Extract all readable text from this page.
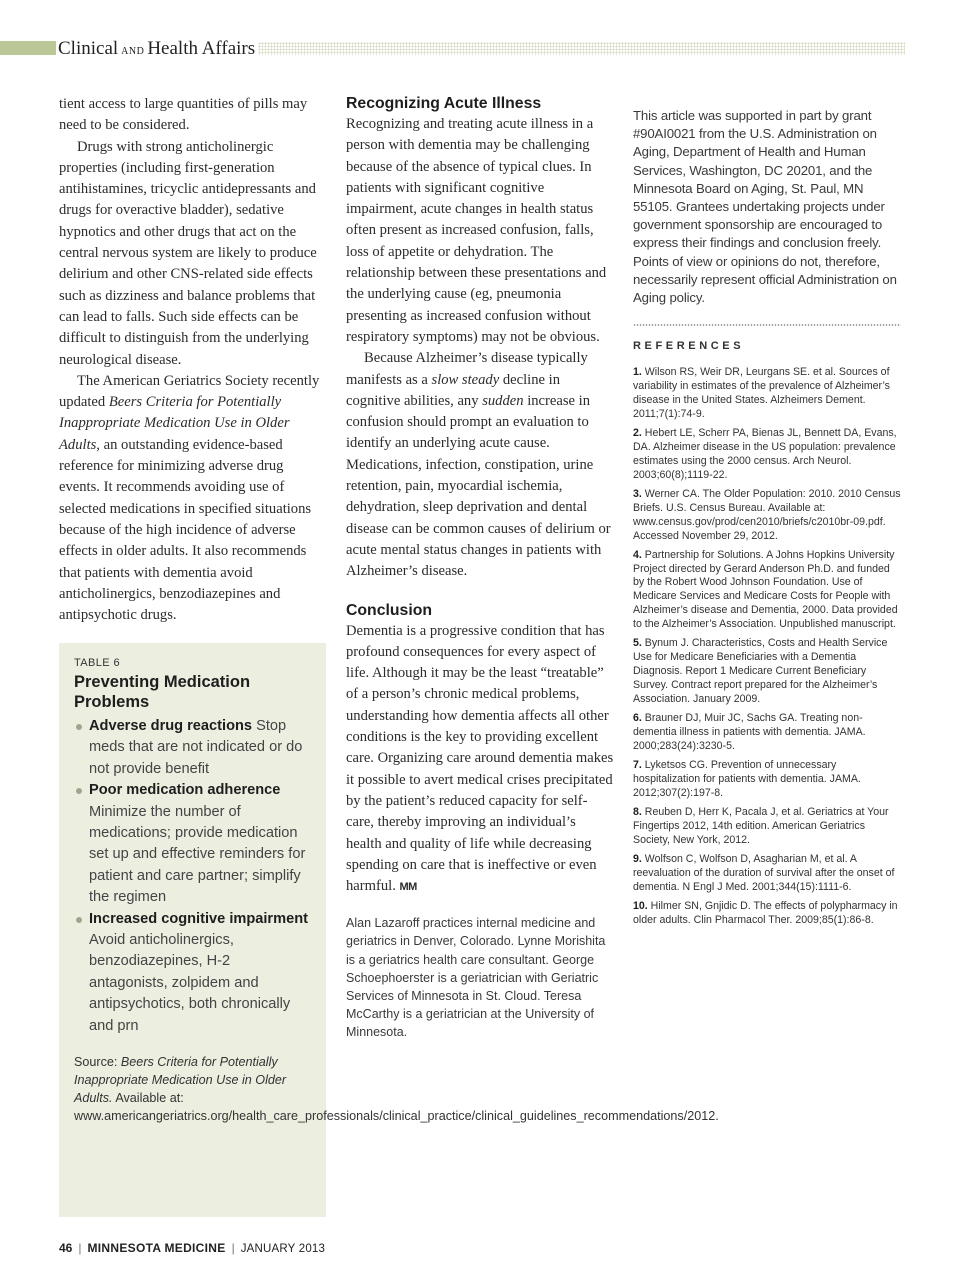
Clinical AND Health Affairs

tient access to large quantities of pills may need to be considered.

Drugs with strong anticholinergic properties (including first-generation antihistamines, tricyclic antidepressants and drugs for overactive bladder), sedative hypnotics and other drugs that act on the central nervous system are likely to produce delirium and other CNS-related side effects such as dizziness and balance problems that can lead to falls. Such side effects can be difficult to distinguish from the underlying neurological disease.

The American Geriatrics Society recently updated Beers Criteria for Potentially Inappropriate Medication Use in Older Adults, an outstanding evidence-based reference for minimizing adverse drug events. It recommends avoiding use of selected medications in specified situations because of the high incidence of adverse effects in older adults. It also recommends that patients with dementia avoid anticholinergics, benzodiazepines and antipsychotic drugs.

TABLE 6
Preventing Medication Problems
Adverse drug reactions Stop meds that are not indicated or do not provide benefit
Poor medication adherence Minimize the number of medications; provide medication set up and effective reminders for patient and care partner; simplify the regimen
Increased cognitive impairment Avoid anticholinergics, benzodiazepines, H-2 antagonists, zolpidem and antipsychotics, both chronically and prn
Source: Beers Criteria for Potentially Inappropriate Medication Use in Older Adults. Available at: www.americangeriatrics.org/health_care_professionals/clinical_practice/clinical_guidelines_recommendations/2012.
Recognizing Acute Illness

Recognizing and treating acute illness in a person with dementia may be challenging because of the absence of typical clues. In patients with significant cognitive impairment, acute changes in health status often present as increased confusion, falls, loss of appetite or dehydration. The relationship between these presentations and the underlying cause (eg, pneumonia presenting as increased confusion without respiratory symptoms) may not be obvious.

Because Alzheimer’s disease typically manifests as a slow steady decline in cognitive abilities, any sudden increase in confusion should prompt an evaluation to identify an underlying acute cause. Medications, infection, constipation, urine retention, pain, myocardial ischemia, dehydration, sleep deprivation and dental disease can be common causes of delirium or acute mental status changes in patients with Alzheimer’s disease.

Conclusion

Dementia is a progressive condition that has profound consequences for every aspect of life. Although it may be the least “treatable” of a person’s chronic medical problems, understanding how dementia affects all other conditions is the key to providing excellent care. Organizing care around dementia makes it possible to avert medical crises precipitated by the patient’s reduced capacity for self-care, thereby improving an individual’s health and quality of life while decreasing spending on care that is ineffective or even harmful. MM

Alan Lazaroff practices internal medicine and geriatrics in Denver, Colorado. Lynne Morishita is a geriatrics health care consultant. George Schoephoerster is a geriatrician with Geriatric Services of Minnesota in St. Cloud. Teresa McCarthy is a geriatrician at the University of Minnesota.
This article was supported in part by grant #90AI0021 from the U.S. Administration on Aging, Department of Health and Human Services, Washington, DC 20201, and the Minnesota Board on Aging, St. Paul, MN 55105. Grantees undertaking projects under government sponsorship are encouraged to express their findings and conclusion freely. Points of view or opinions do not, therefore, necessarily represent official Administration on Aging policy.
REFERENCES
1. Wilson RS, Weir DR, Leurgans SE. et al. Sources of variability in estimates of the prevalence of Alzheimer’s disease in the United States. Alzheimers Dement. 2011;7(1):74-9.
2. Hebert LE, Scherr PA, Bienas JL, Bennett DA, Evans, DA. Alzheimer disease in the US population: prevalence estimates using the 2000 census. Arch Neurol. 2003;60(8);1119-22.
3. Werner CA. The Older Population: 2010. 2010 Census Briefs. U.S. Census Bureau. Available at: www.census.gov/prod/cen2010/briefs/c2010br-09.pdf. Accessed November 29, 2012.
4. Partnership for Solutions. A Johns Hopkins University Project directed by Gerard Anderson Ph.D. and funded by the Robert Wood Johnson Foundation. Use of Medicare Services and Medicare Costs for People with Alzheimer’s disease and Dementia, 2000. Data provided to the Alzheimer’s Association. Unpublished manuscript.
5. Bynum J. Characteristics, Costs and Health Service Use for Medicare Beneficiaries with a Dementia Diagnosis. Report 1 Medicare Current Beneficiary Survey. Contract report prepared for the Alzheimer’s Association. January 2009.
6. Brauner DJ, Muir JC, Sachs GA. Treating non-dementia illness in patients with dementia. JAMA. 2000;283(24):3230-5.
7. Lyketsos CG. Prevention of unnecessary hospitalization for patients with dementia. JAMA. 2012;307(2):197-8.
8. Reuben D, Herr K, Pacala J, et al. Geriatrics at Your Fingertips 2012, 14th edition. American Geriatrics Society, New York, 2012.
9. Wolfson C, Wolfson D, Asagharian M, et al. A reevaluation of the duration of survival after the onset of dementia. N Engl J Med. 2001;344(15):1111-6.
10. Hilmer SN, Gnjidic D. The effects of polypharmacy in older adults. Clin Pharmacol Ther. 2009;85(1):86-8.
46 | MINNESOTA MEDICINE | JANUARY 2013
